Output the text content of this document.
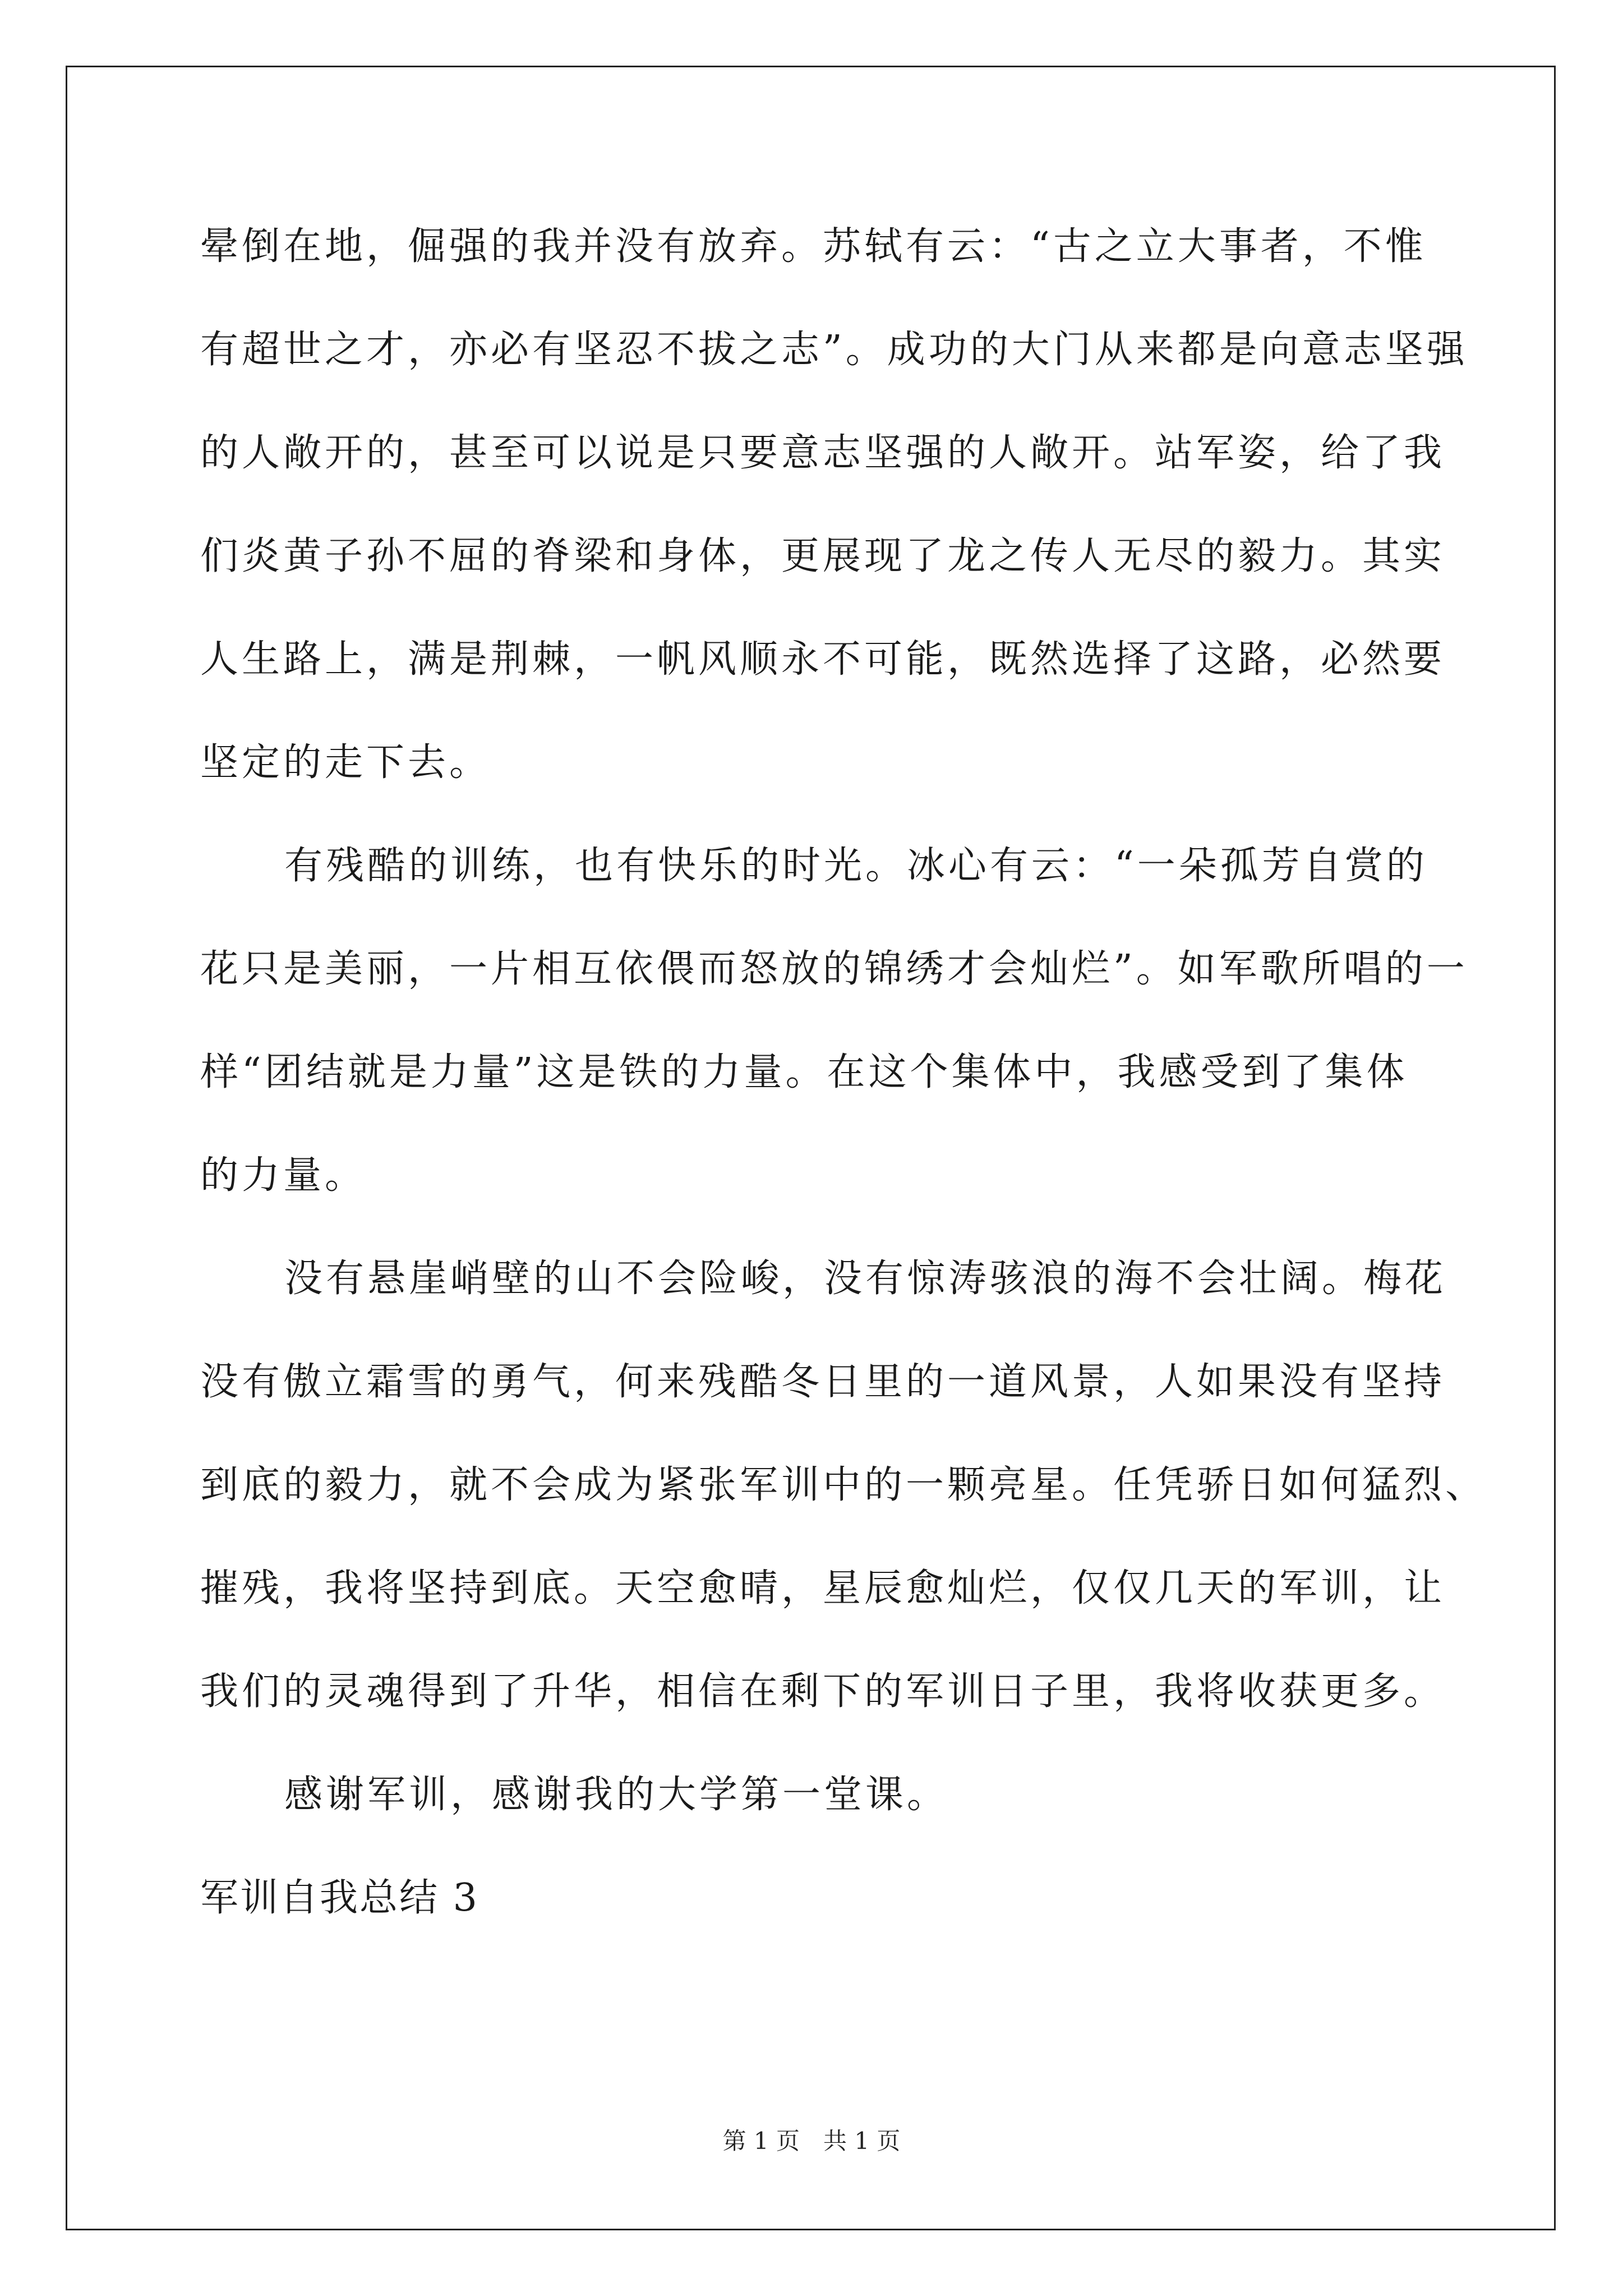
晕倒在地，倔强的我并没有放弃。苏轼有云：“古之立大事者，不惟
有超世之才，亦必有坚忍不拔之志”。成功的大门从来都是向意志坚强
的人敞开的，甚至可以说是只要意志坚强的人敞开。站军姿，给了我
们炎黄子孙不屈的脊梁和身体，更展现了龙之传人无尽的毅力。其实
人生路上，满是荆棘，一帆风顺永不可能，既然选择了这路，必然要
坚定的走下去。
有残酷的训练，也有快乐的时光。冰心有云：“一朵孤芳自赏的
花只是美丽，一片相互依偎而怒放的锦绣才会灿烂”。如军歌所唱的一
样“团结就是力量”这是铁的力量。在这个集体中，我感受到了集体
的力量。
没有悬崖峭壁的山不会险峻，没有惊涛骇浪的海不会壮阔。梅花
没有傲立霜雪的勇气，何来残酷冬日里的一道风景，人如果没有坚持
到底的毅力，就不会成为紧张军训中的一颗亮星。任凭骄日如何猛烈、
摧残，我将坚持到底。天空愈晴，星辰愈灿烂，仅仅几天的军训，让
我们的灵魂得到了升华，相信在剩下的军训日子里，我将收获更多。
感谢军训，感谢我的大学第一堂课。
军训自我总结 3
第 1 页　共 1 页
